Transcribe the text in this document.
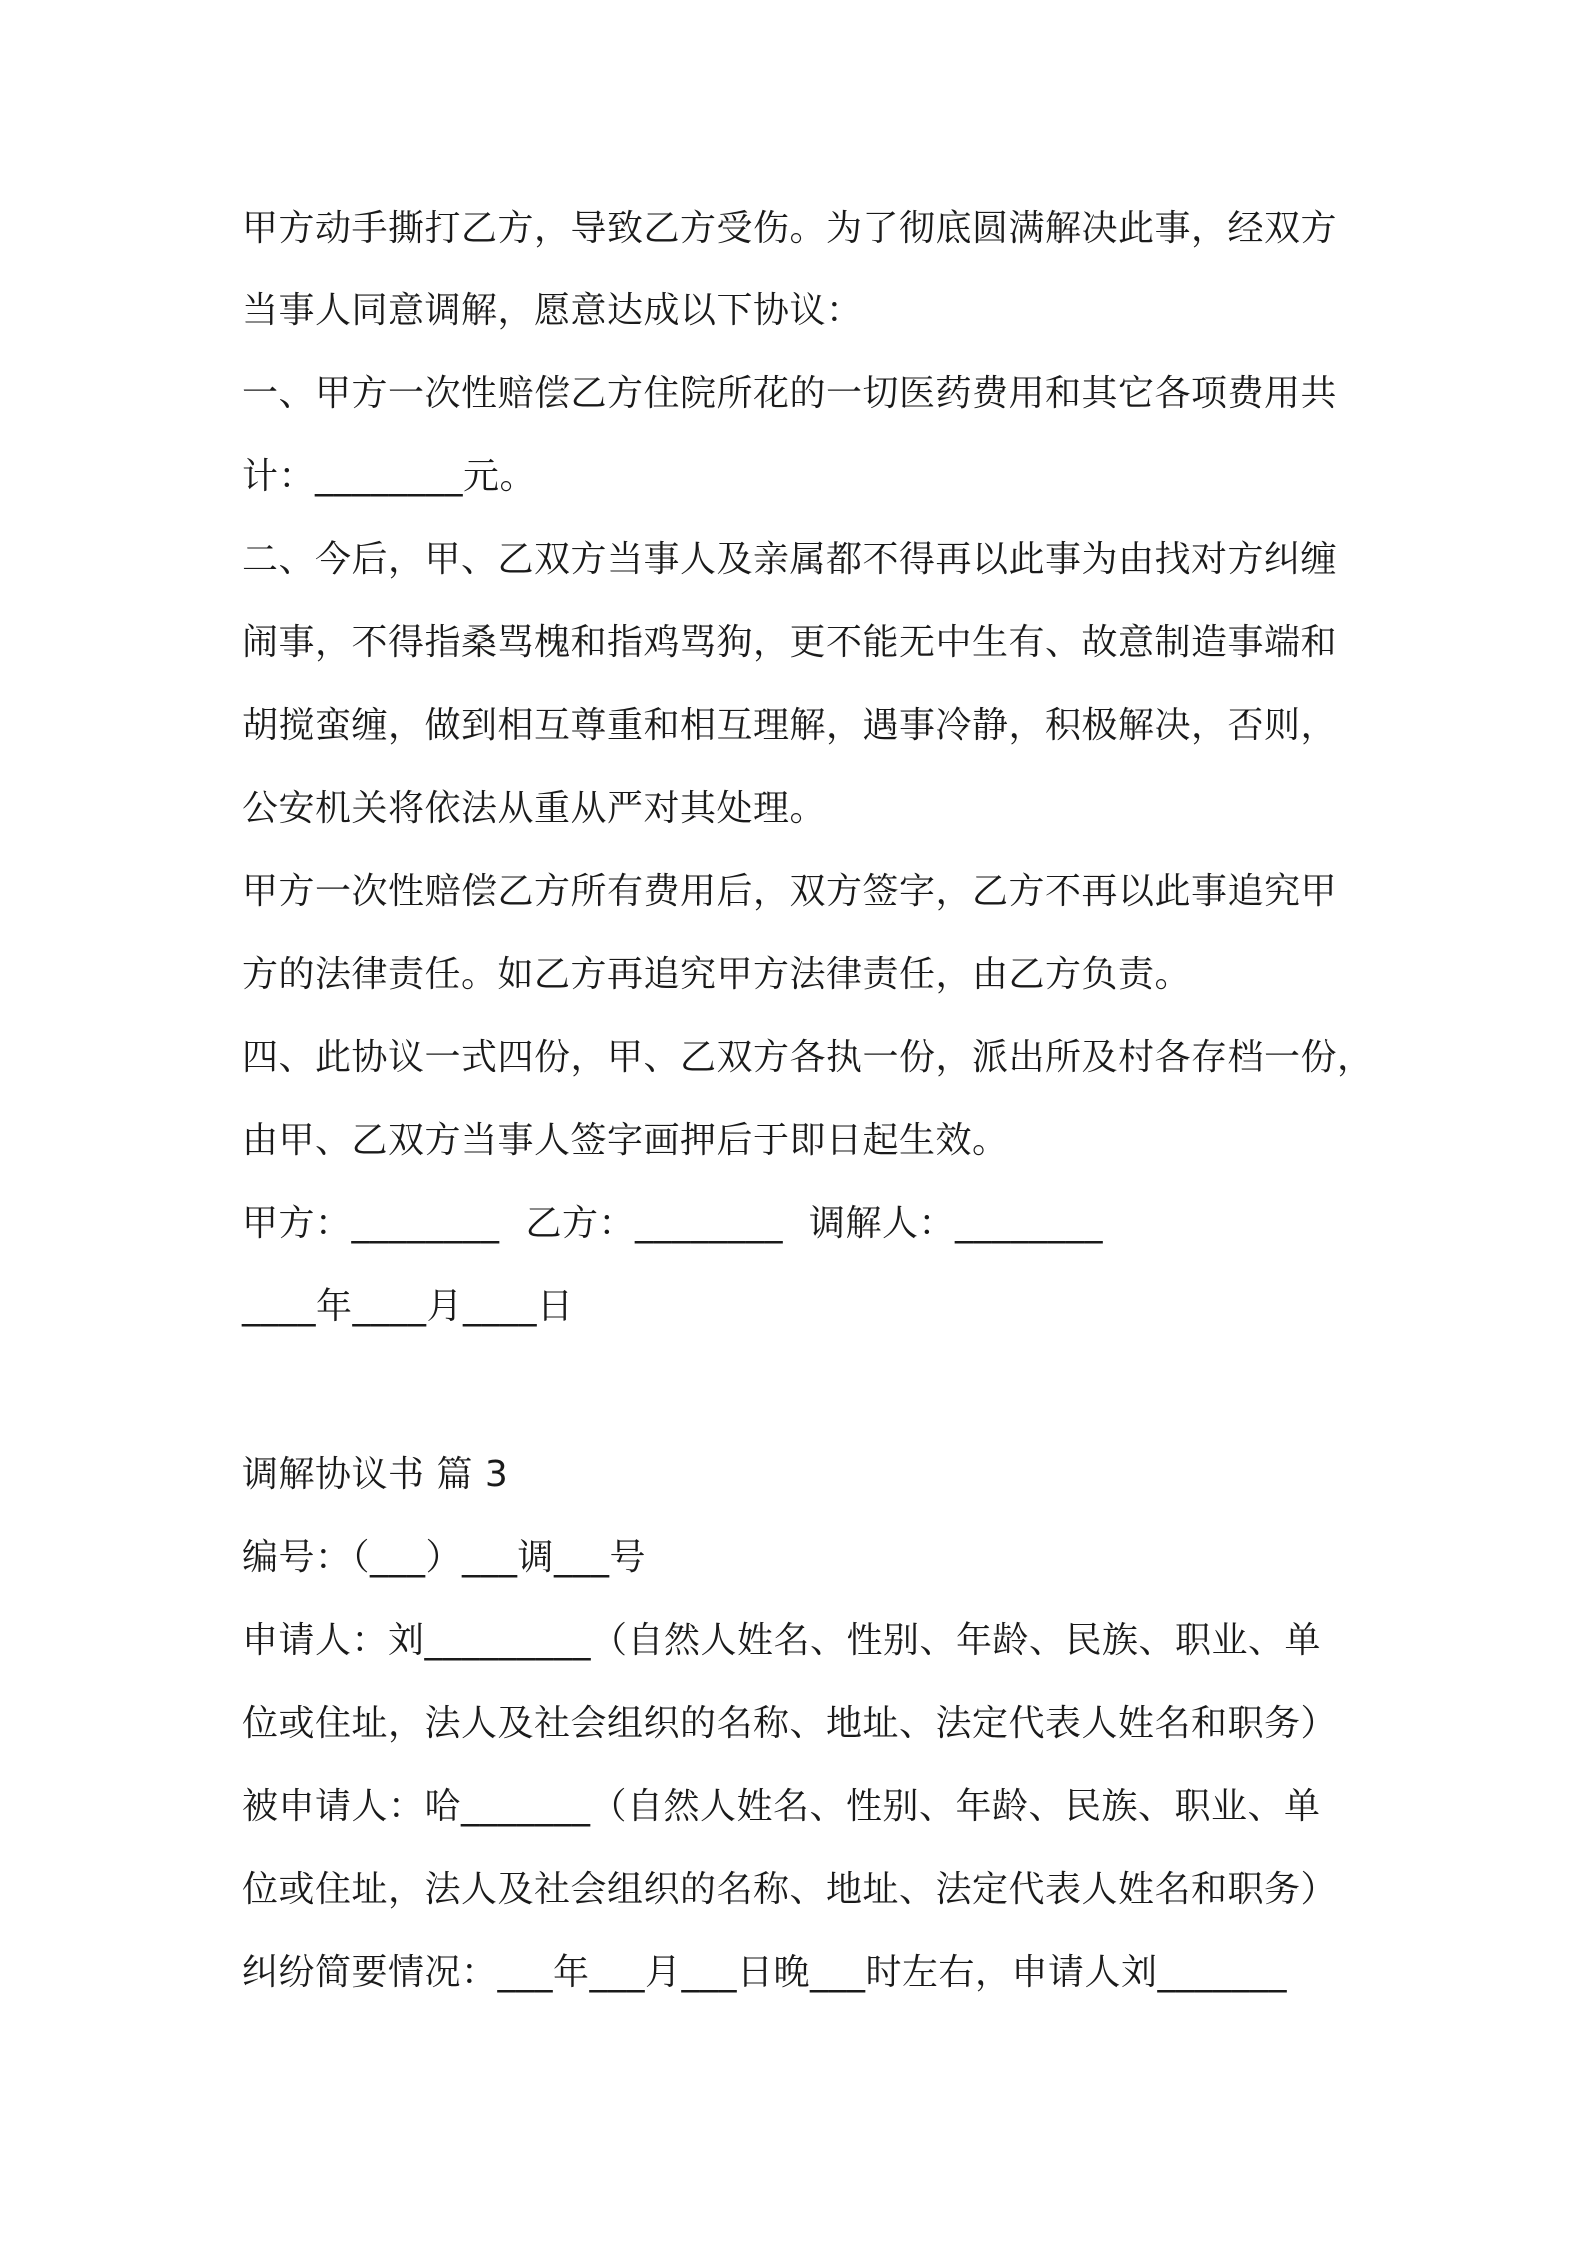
甲方动手撕打乙方，导致乙方受伤。为了彻底圆满解决此事，经双方
当事人同意调解，愿意达成以下协议：
一、甲方一次性赔偿乙方住院所花的一切医药费用和其它各项费用共
计：________元。
二、今后，甲、乙双方当事人及亲属都不得再以此事为由找对方纠缠
闹事，不得指桑骂槐和指鸡骂狗，更不能无中生有、故意制造事端和
胡搅蛮缠，做到相互尊重和相互理解，遇事冷静，积极解决，否则，
公安机关将依法从重从严对其处理。
甲方一次性赔偿乙方所有费用后，双方签字，乙方不再以此事追究甲
方的法律责任。如乙方再追究甲方法律责任，由乙方负责。
四、此协议一式四份，甲、乙双方各执一份，派出所及村各存档一份，
由甲、乙双方当事人签字画押后于即日起生效。
甲方：________ 乙方：________ 调解人：________
____年____月____日
调解协议书 篇 3
编号：（___）___调___号
申请人：刘_________（自然人姓名、性别、年龄、民族、职业、单
位或住址，法人及社会组织的名称、地址、法定代表人姓名和职务）
被申请人：哈_______（自然人姓名、性别、年龄、民族、职业、单
位或住址，法人及社会组织的名称、地址、法定代表人姓名和职务）
纠纷简要情况：___年___月___日晚___时左右，申请人刘_______
